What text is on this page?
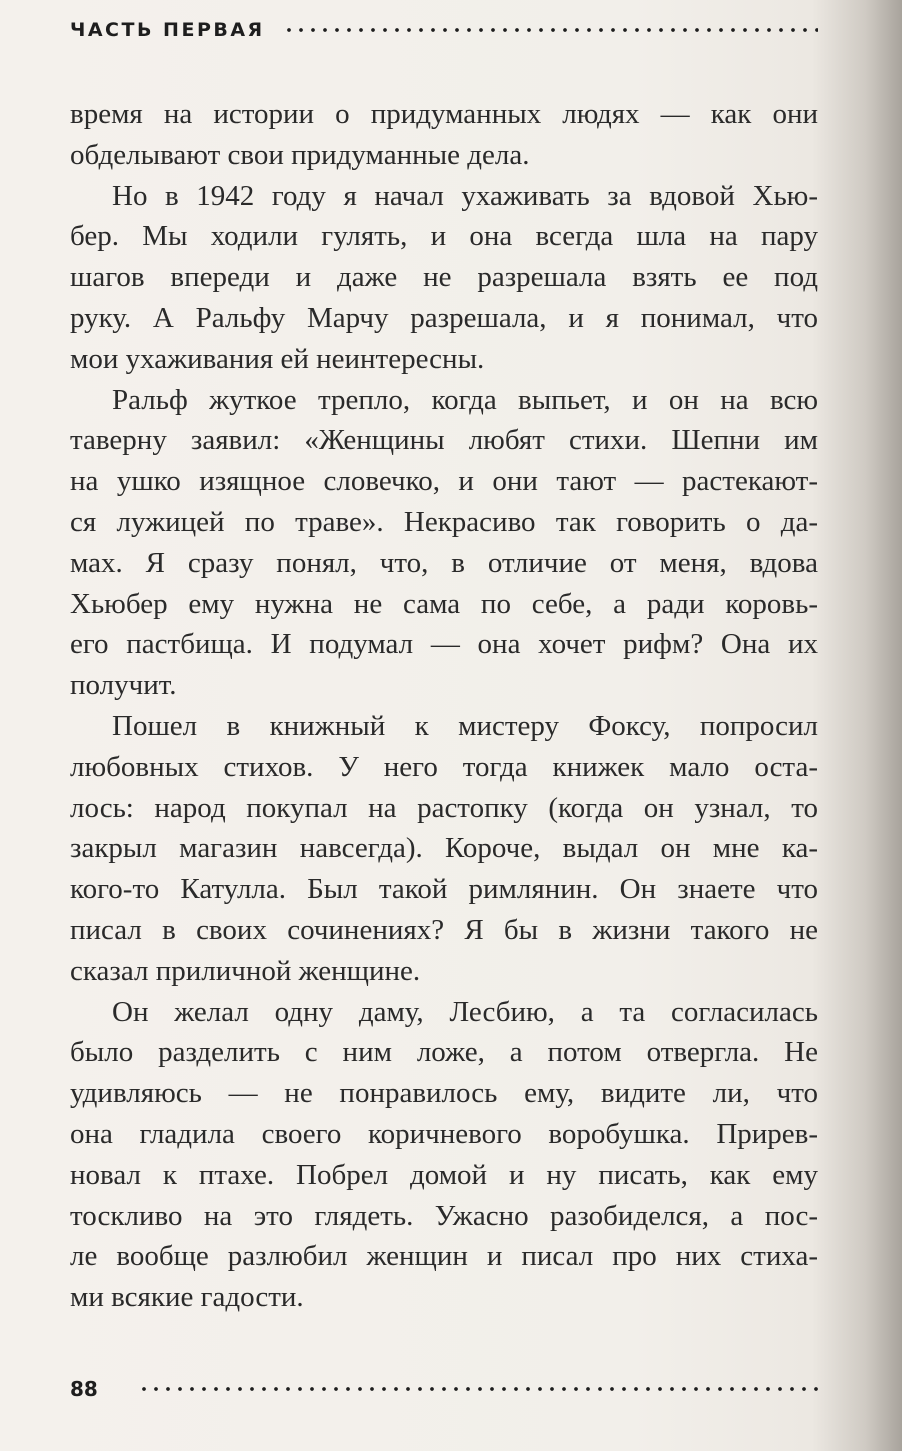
ЧАСТЬ ПЕРВАЯ
время на истории о придуманных людях — как они
обделывают свои придуманные дела.
Но в 1942 году я начал ухаживать за вдовой Хью-
бер. Мы ходили гулять, и она всегда шла на пару
шагов впереди и даже не разрешала взять ее под
руку. А Ральфу Марчу разрешала, и я понимал, что
мои ухаживания ей неинтересны.
Ральф жуткое трепло, когда выпьет, и он на всю
таверну заявил: «Женщины любят стихи. Шепни им
на ушко изящное словечко, и они тают — растекают-
ся лужицей по траве». Некрасиво так говорить о да-
мах. Я сразу понял, что, в отличие от меня, вдова
Хьюбер ему нужна не сама по себе, а ради коровь-
его пастбища. И подумал — она хочет рифм? Она их
получит.
Пошел в книжный к мистеру Фоксу, попросил
любовных стихов. У него тогда книжек мало оста-
лось: народ покупал на растопку (когда он узнал, то
закрыл магазин навсегда). Короче, выдал он мне ка-
кого-то Катулла. Был такой римлянин. Он знаете что
писал в своих сочинениях? Я бы в жизни такого не
сказал приличной женщине.
Он желал одну даму, Лесбию, а та согласилась
было разделить с ним ложе, а потом отвергла. Не
удивляюсь — не понравилось ему, видите ли, что
она гладила своего коричневого воробушка. Прирев-
новал к птахе. Побрел домой и ну писать, как ему
тоскливо на это глядеть. Ужасно разобиделся, а пос-
ле вообще разлюбил женщин и писал про них стиха-
ми всякие гадости.
88
